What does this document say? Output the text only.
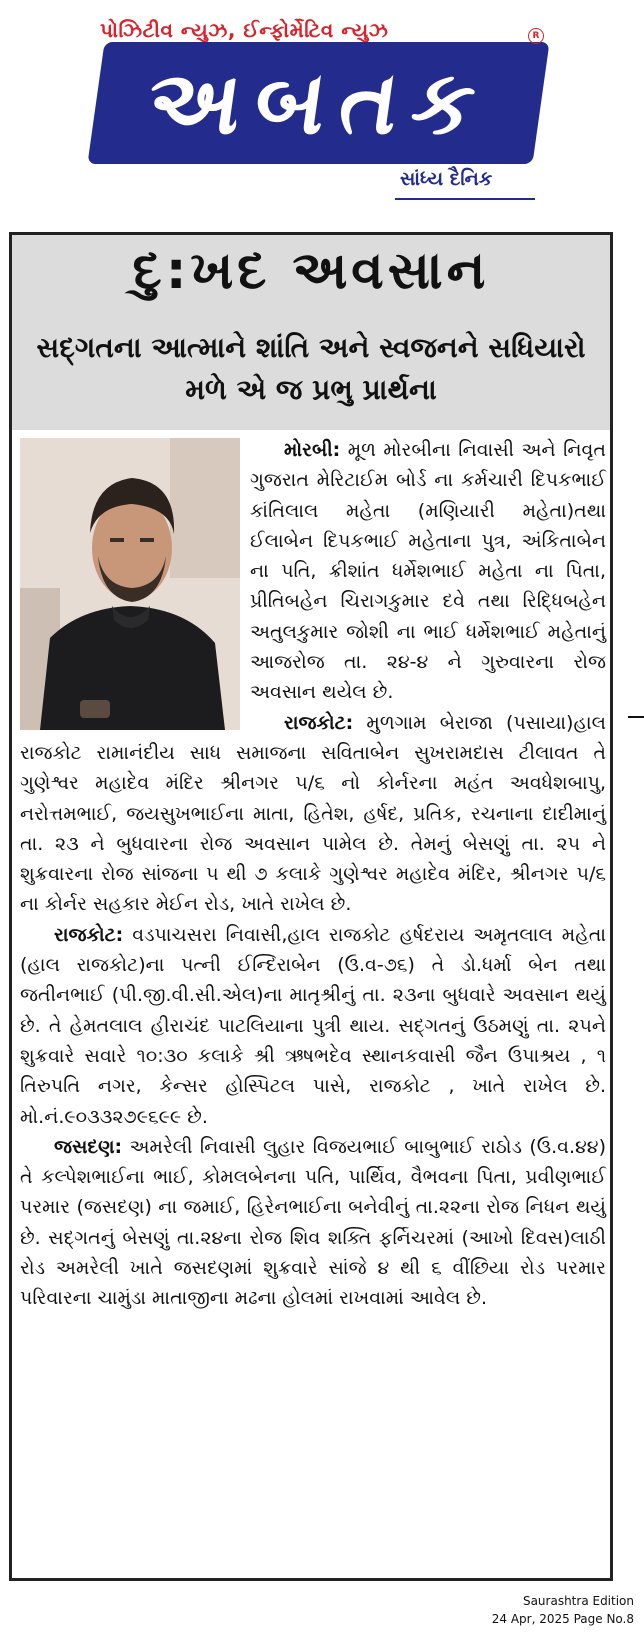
પોઝિટીવ ન્યુઝ, ઈન્ફોર્મેટિવ ન્યુઝ
અબતક
R
સાંધ્ય દૈનિક
દુ:ખદ અવસાન
સદ્ગતના આત્માને શાંતિ અને સ્વજનને સધિયારો મળે એ જ પ્રભુ પ્રાર્થના

મોરબી: મૂળ મોરબીના નિવાસી અને નિવૃત ગુજરાત મેરિટાઈમ બોર્ડ ના કર્મચારી દિપકભાઈ કાંતિલાલ મહેતા (મણિયારી મહેતા)તથા ઈલાબેન દિપકભાઈ મહેતાના પુત્ર, અંકિતાબેન ના પતિ, ક્રીશાંત ધર્મેશભાઈ મહેતા ના પિતા, પ્રીતિબહેન ચિરાગકુમાર દવે તથા રિદ્ધિબહેન અતુલકુમાર જોશી ના ભાઈ ધર્મેશભાઈ મહેતાનું આજરોજ તા. ૨૪-૪ ને ગુરુવારના રોજ અવસાન થયેલ છે.

રાજકોટ: મુળગામ બેરાજા (પસાયા)હાલ રાજકોટ રામાનંદીય સાધ સમાજના સવિતાબેન સુખરામદાસ ટીલાવત તે ગુણેશ્વર મહાદેવ મંદિર શ્રીનગર ૫/૬ નો કોર્નરના મહંત અવધેશબાપુ, નરોત્તમભાઈ, જયસુખભાઈના માતા, હિતેશ, હર્ષદ, પ્રતિક, રચનાના દાદીમાનું તા. ૨૩ ને બુધવારના રોજ અવસાન પામેલ છે. તેમનું બેસણું તા. ૨૫ ને શુક્રવારના રોજ સાંજના ૫ થી ૭ કલાકે ગુણેશ્વર મહાદેવ મંદિર, શ્રીનગર ૫/૬ ના કોર્નર સહકાર મેઈન રોડ, ખાતે રાખેલ છે.

રાજકોટ: વડપાચસરા નિવાસી,હાલ રાજકોટ હર્ષદરાય અમૃતલાલ મહેતા (હાલ રાજકોટ)ના પત્ની ઈન્દિરાબેન (ઉ.વ-૭૬) તે ડો.ધર્મા બેન તથા જતીનભાઈ (પી.જી.વી.સી.એલ)ના માતૃશ્રીનું તા. ૨૩ના બુધવારે અવસાન થયું છે. તે હેમતલાલ હીરાચંદ પાટલિયાના પુત્રી થાય. સદ્ગતનું ઉઠમણું તા. ૨૫ને શુક્રવારે સવારે ૧૦:૩૦ કલાકે શ્રી ઋષભદેવ સ્થાનકવાસી જૈન ઉપાશ્રય , ૧ તિરુપતિ નગર, કેન્સર હોસ્પિટલ પાસે, રાજકોટ , ખાતે રાખેલ છે. મો.નં.૯૦૩૩૨૭૯૬૯૯ છે.

જસદણ: અમરેલી નિવાસી લુહાર વિજયભાઈ બાબુભાઈ રાઠોડ (ઉ.વ.૪૪) તે કલ્પેશભાઈના ભાઈ, કોમલબેનના પતિ, પાર્થિવ, વૈભવના પિતા, પ્રવીણભાઈ પરમાર (જસદણ) ના જમાઈ, હિરેનભાઈના બનેવીનું તા.૨૨ના રોજ નિધન થયું છે. સદ્ગતનું બેસણું તા.૨૪ના રોજ શિવ શક્તિ ફર્નિચરમાં (આખો દિવસ)લાઠી રોડ અમરેલી ખાતે જસદણમાં શુક્રવારે સાંજે ૪ થી ૬ વીંછિયા રોડ પરમાર પરિવારના ચામુંડા માતાજીના મઢના હોલમાં રાખવામાં આવેલ છે.

Saurashtra Edition
24 Apr, 2025 Page No.8
